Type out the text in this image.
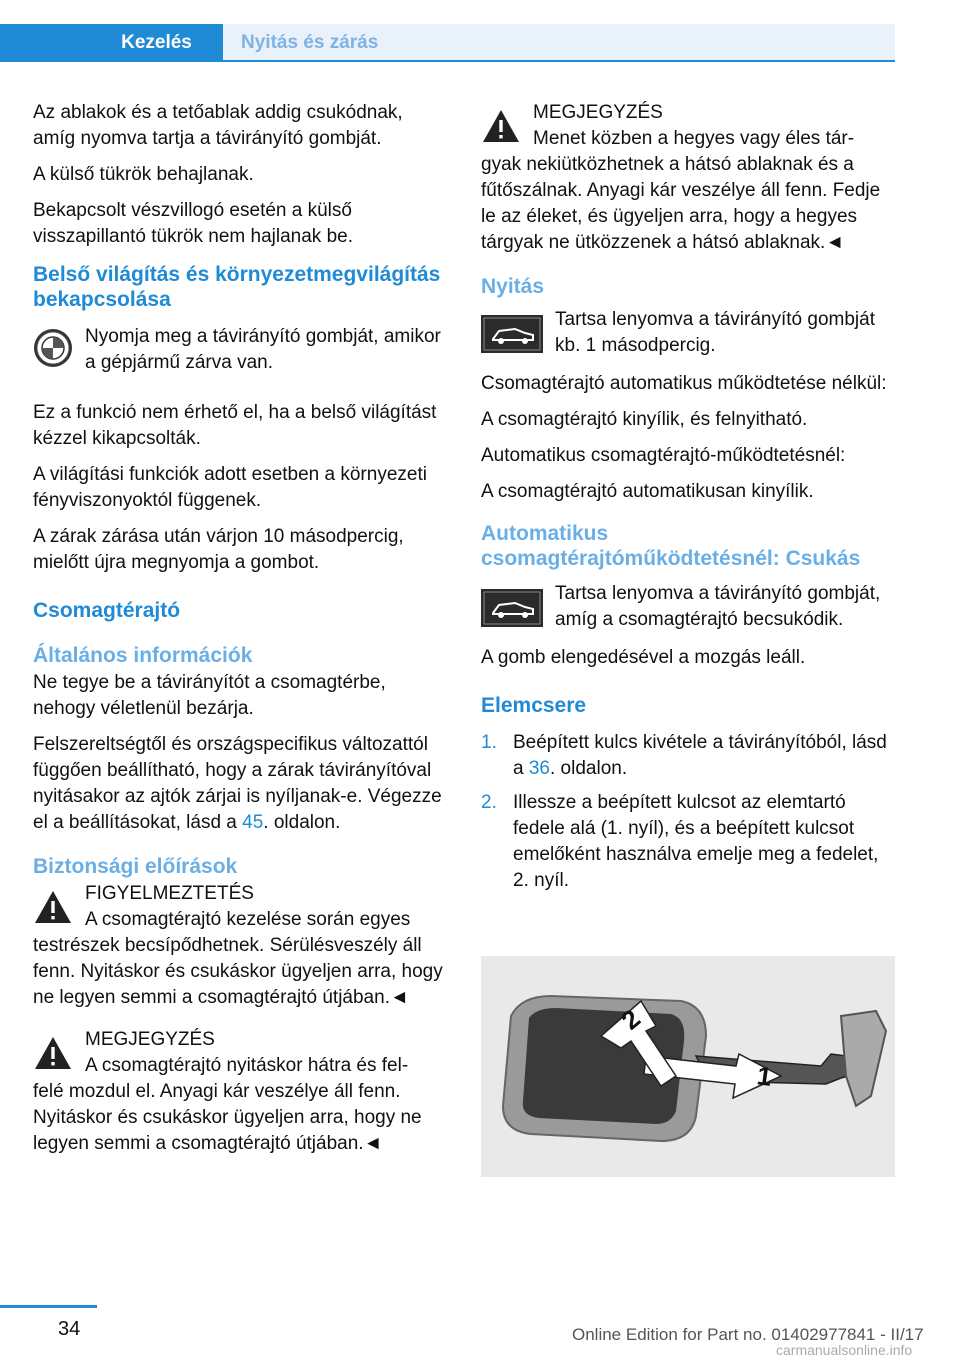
Kezelés	Nyitás és zárás

Az ablakok és a tetőablak addig csukódnak, amíg nyomva tartja a távirányító gombját.

A külső tükrök behajlanak.

Bekapcsolt vészvillogó esetén a külső visszapillantó tükrök nem hajlanak be.

Belső világítás és környezetmegvilágítás bekapcsolása
Nyomja meg a távirányító gombját, amikor a gépjármű zárva van.

Ez a funkció nem érhető el, ha a belső világítást kézzel kikapcsolták.

A világítási funkciók adott esetben a környezeti fényviszonyoktól függenek.

A zárak zárása után várjon 10 másodpercig, mielőtt újra megnyomja a gombot.

Csomagtérajtó
Általános információk

Ne tegye be a távirányítót a csomagtérbe, nehogy véletlenül bezárja.

Felszereltségtől és országspecifikus változattól függően beállítható, hogy a zárak távirányítóval nyitásakor az ajtók zárjai is nyíljanak-e. Végezze el a beállításokat, lásd a 45. oldalon.

Biztonsági előírások
FIGYELMEZTETÉS
A csomagtérajtó kezelése során egyes
testrészek becsípődhetnek. Sérülésveszély áll fenn. Nyitáskor és csukáskor ügyeljen arra, hogy ne legyen semmi a csomagtérajtó útjában.◄
MEGJEGYZÉS
A csomagtérajtó nyitáskor hátra és fel-
felé mozdul el. Anyagi kár veszélye áll fenn. Nyitáskor és csukáskor ügyeljen arra, hogy ne legyen semmi a csomagtérajtó útjában.◄
MEGJEGYZÉS
Menet közben a hegyes vagy éles tár-
gyak nekiütközhetnek a hátsó ablaknak és a fűtőszálnak. Anyagi kár veszélye áll fenn. Fedje le az éleket, és ügyeljen arra, hogy a hegyes tárgyak ne ütközzenek a hátsó ablaknak.◄
Nyitás
Tartsa lenyomva a távirányító gombját kb. 1 másodpercig.

Csomagtérajtó automatikus működtetése nélkül:

A csomagtérajtó kinyílik, és felnyitható.

Automatikus csomagtérajtó-működtetésnél:

A csomagtérajtó automatikusan kinyílik.

Automatikus csomagtérajtóműködtetésnél: Csukás
Tartsa lenyomva a távirányító gombját, amíg a csomagtérajtó becsukódik.

A gomb elengedésével a mozgás leáll.

Elemcsere
1. Beépített kulcs kivétele a távirányítóból, lásd a 36. oldalon.
2. Illessze a beépített kulcsot az elemtartó fedele alá (1. nyíl), és a beépített kulcsot emelőként használva emelje meg a fedelet, 2. nyíl.
2
1
34	Online Edition for Part no. 01402977841 - II/17
carmanualsonline.info
